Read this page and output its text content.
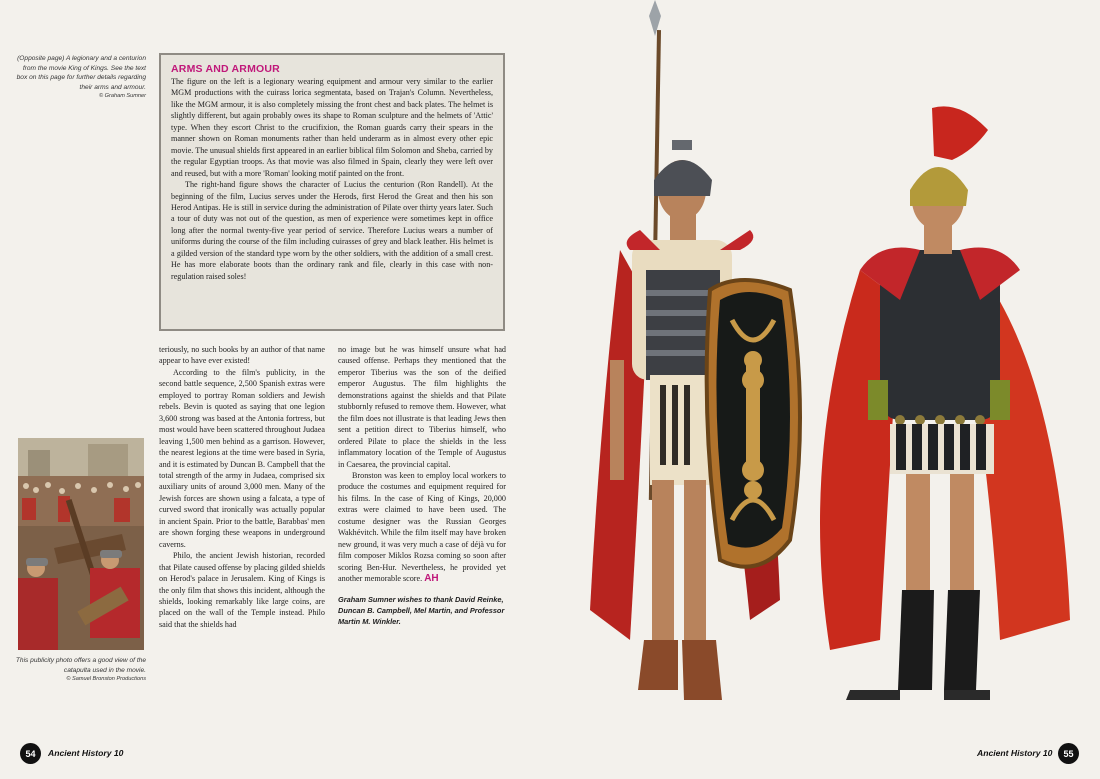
(Opposite page) A legionary and a centurion from the movie King of Kings. See the text box on this page for further details regarding their arms and armour.
© Graham Sumner
ARMS AND ARMOUR

The figure on the left is a legionary wearing equipment and armour very similar to the earlier MGM productions with the cuirass lorica segmentata, based on Trajan's Column. Nevertheless, like the MGM armour, it is also completely missing the front chest and back plates. The helmet is slightly different, but again probably owes its shape to Roman sculpture and the helmets of 'Attic' type. When they escort Christ to the crucifixion, the Roman guards carry their spears in the manner shown on Roman monuments rather than held underarm as in almost every other epic movie. The unusual shields first appeared in an earlier biblical film Solomon and Sheba, carried by the regular Egyptian troops. As that movie was also filmed in Spain, clearly they were left over and reused, but with a more 'Roman' looking motif painted on the front.

The right-hand figure shows the character of Lucius the centurion (Ron Randell). At the beginning of the film, Lucius serves under the Herods, first Herod the Great and then his son Herod Antipas. He is still in service during the administration of Pilate over thirty years later. Such a tour of duty was not out of the question, as men of experience were sometimes kept in office long after the normal twenty-five year period of service. Therefore Lucius wears a number of uniforms during the course of the film including cuirasses of grey and black leather. His helmet is a gilded version of the standard type worn by the other soldiers, with the addition of a small crest. He has more elaborate boots than the ordinary rank and file, clearly in this case with non-regulation raised soles!

teriously, no such books by an author of that name appear to have ever existed!

According to the film's publicity, in the second battle sequence, 2,500 Spanish extras were employed to portray Roman soldiers and Jewish rebels. Bevin is quoted as saying that one legion 3,600 strong was based at the Antonia fortress, but most would have been scattered throughout Judaea leaving 1,500 men behind as a garrison. However, the nearest legions at the time were based in Syria, and it is estimated by Duncan B. Campbell that the total strength of the army in Judaea, comprised six auxiliary units of around 3,000 men. Many of the Jewish forces are shown using a falcata, a type of curved sword that ironically was actually popular in ancient Spain. Prior to the battle, Barabbas' men are shown forging these weapons in underground caverns.

Philo, the ancient Jewish historian, recorded that Pilate caused offense by placing gilded shields on Herod's palace in Jerusalem. King of Kings is the only film that shows this incident, although the shields, looking remarkably like large coins, are placed on the wall of the Temple instead. Philo said that the shields had

no image but he was himself unsure what had caused offense. Perhaps they mentioned that the emperor Tiberius was the son of the deified emperor Augustus. The film highlights the demonstrations against the shields and that Pilate stubbornly refused to remove them. However, what the film does not illustrate is that leading Jews then sent a petition direct to Tiberius himself, who ordered Pilate to place the shields in the less inflammatory location of the Temple of Augustus in Caesarea, the provincial capital.

Bronston was keen to employ local workers to produce the costumes and equipment required for his films. In the case of King of Kings, 20,000 extras were claimed to have been used. The costume designer was the Russian Georges Wakhévitch. While the film itself may have broken new ground, it was very much a case of déjà vu for film composer Miklos Rozsa coming so soon after scoring Ben-Hur. Nevertheless, he provided yet another memorable score. AH

Graham Sumner wishes to thank David Reinke, Duncan B. Campbell, Mel Martin, and Professor Martin M. Winkler.

This publicity photo offers a good view of the catapulta used in the movie.
© Samuel Bronston Productions
54	Ancient History 10	Ancient History 10	55
